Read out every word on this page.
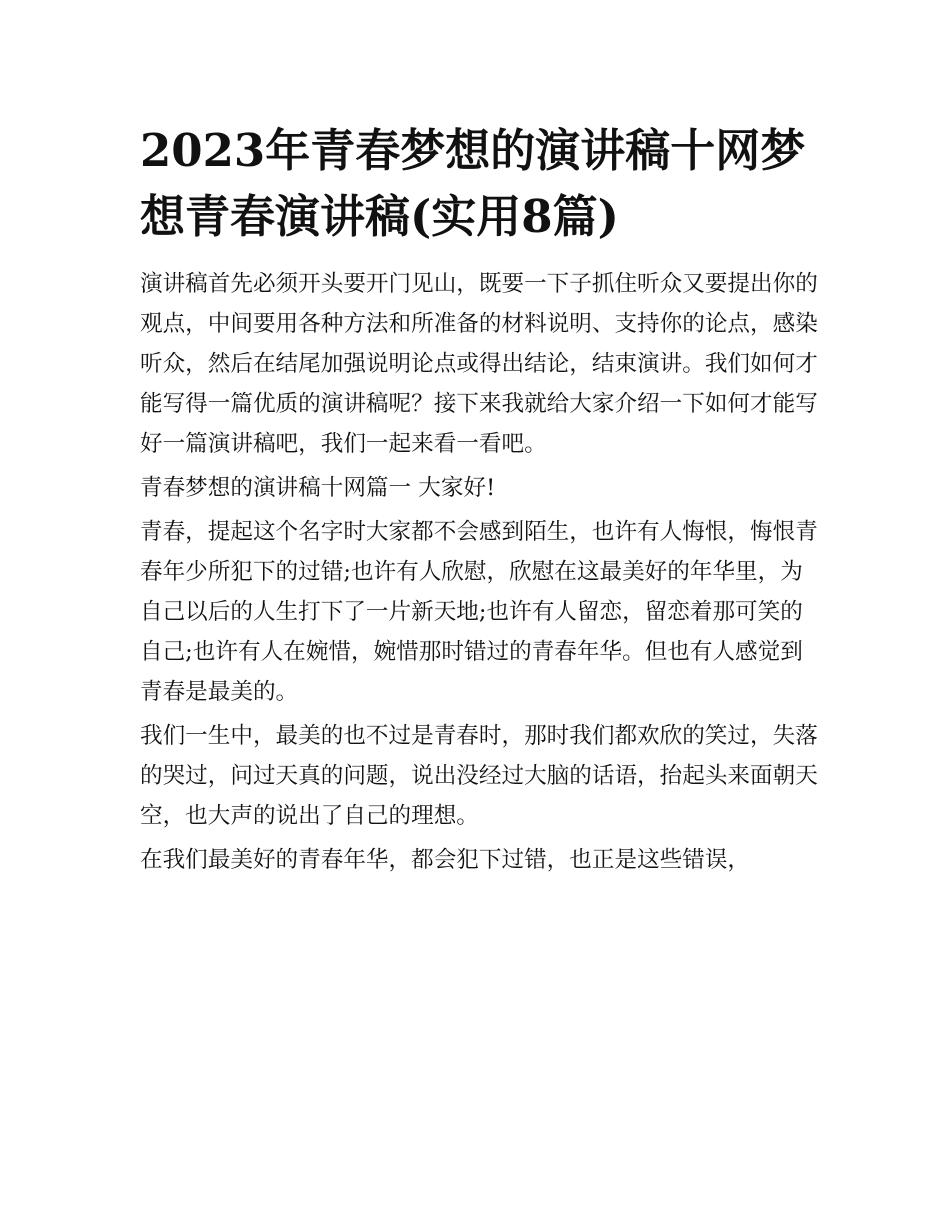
2023年青春梦想的演讲稿十网梦想青春演讲稿(实用8篇)

演讲稿首先必须开头要开门见山，既要一下子抓住听众又要提出你的观点，中间要用各种方法和所准备的材料说明、支持你的论点，感染听众，然后在结尾加强说明论点或得出结论，结束演讲。我们如何才能写得一篇优质的演讲稿呢？接下来我就给大家介绍一下如何才能写好一篇演讲稿吧，我们一起来看一看吧。

青春梦想的演讲稿十网篇一 大家好!

青春，提起这个名字时大家都不会感到陌生，也许有人悔恨，悔恨青春年少所犯下的过错;也许有人欣慰，欣慰在这最美好的年华里，为自己以后的人生打下了一片新天地;也许有人留恋，留恋着那可笑的自己;也许有人在婉惜，婉惜那时错过的青春年华。但也有人感觉到青春是最美的。

我们一生中，最美的也不过是青春时，那时我们都欢欣的笑过，失落的哭过，问过天真的问题，说出没经过大脑的话语，抬起头来面朝天空，也大声的说出了自己的理想。

在我们最美好的青春年华，都会犯下过错，也正是这些错误，
